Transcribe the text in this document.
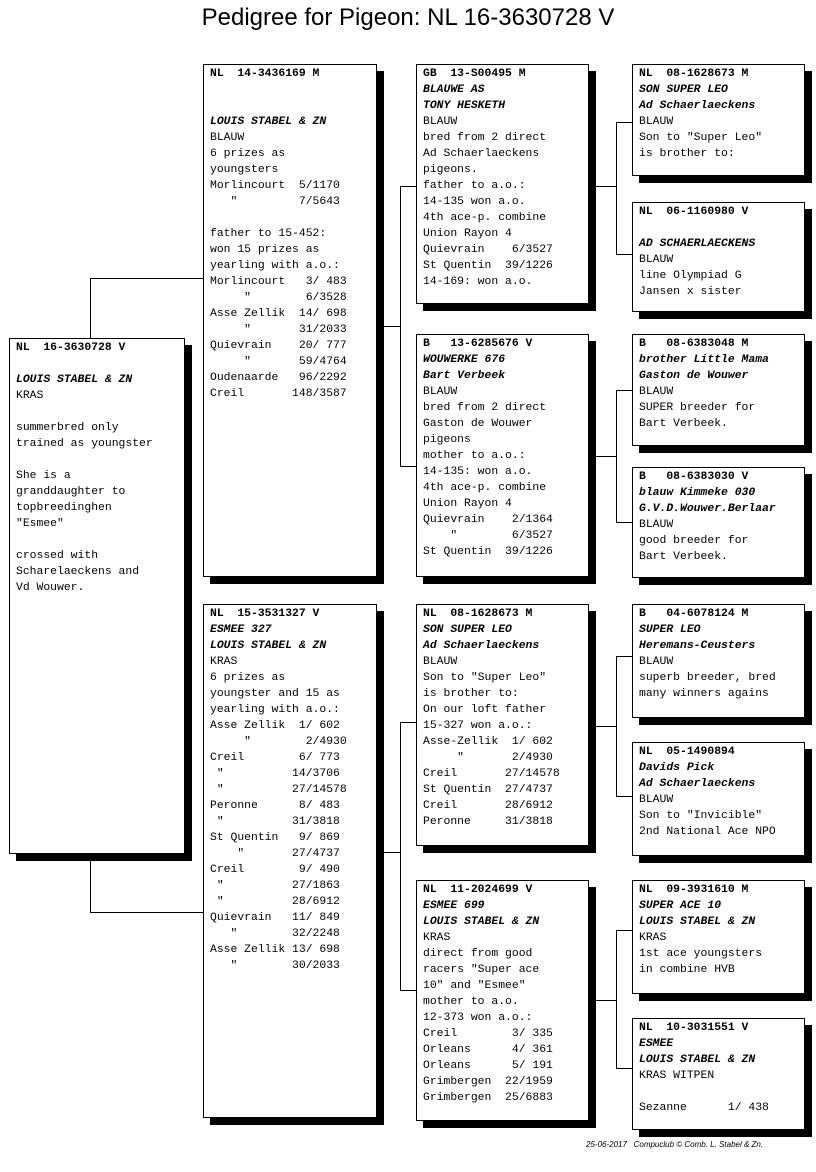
Pedigree for Pigeon: NL 16-3630728 V
NL  16-3630728 V
LOUIS STABEL & ZN
KRAS
summerbred only
trained as youngster
She is a
granddaughter to
topbreedinghen
"Esmee"
crossed with
Scharelaeckens and
Vd Wouwer.
NL  14-3436169 M
LOUIS STABEL & ZN
BLAUW
6 prizes as
youngsters
Morlincourt  5/1170
"         7/5643
father to 15-452:
won 15 prizes as
yearling with a.o.:
Morlincourt   3/ 483
"        6/3528
Asse Zellik  14/ 698
"       31/2033
Quievrain    20/ 777
"       59/4764
Oudenaarde   96/2292
Creil       148/3587
NL  15-3531327 V
ESMEE 327
LOUIS STABEL & ZN
KRAS
6 prizes as
youngster and 15 as
yearling with a.o.:
Asse Zellik  1/ 602
"        2/4930
Creil        6/ 773
"          14/3706
"          27/14578
Peronne      8/ 483
"          31/3818
St Quentin   9/ 869
"       27/4737
Creil        9/ 490
"          27/1863
"          28/6912
Quievrain   11/ 849
"        32/2248
Asse Zellik 13/ 698
"        30/2033
GB  13-S00495 M
BLAUWE AS
TONY HESKETH
BLAUW
bred from 2 direct
Ad Schaerlaeckens
pigeons.
father to a.o.:
14-135 won a.o.
4th ace-p. combine
Union Rayon 4
Quievrain    6/3527
St Quentin  39/1226
14-169: won a.o.
B   13-6285676 V
WOUWERKE 676
Bart Verbeek
BLAUW
bred from 2 direct
Gaston de Wouwer
pigeons
mother to a.o.:
14-135: won a.o.
4th ace-p. combine
Union Rayon 4
Quievrain    2/1364
"        6/3527
St Quentin  39/1226
NL  08-1628673 M
SON SUPER LEO
Ad Schaerlaeckens
BLAUW
Son to "Super Leo"
is brother to:
On our loft father
15-327 won a.o.:
Asse-Zellik  1/ 602
"       2/4930
Creil       27/14578
St Quentin  27/4737
Creil       28/6912
Peronne     31/3818
NL  11-2024699 V
ESMEE 699
LOUIS STABEL & ZN
KRAS
direct from good
racers "Super ace
10" and "Esmee"
mother to a.o.
12-373 won a.o.:
Creil        3/ 335
Orleans      4/ 361
Orleans      5/ 191
Grimbergen  22/1959
Grimbergen  25/6883
NL  08-1628673 M
SON SUPER LEO
Ad Schaerlaeckens
BLAUW
Son to "Super Leo"
is brother to:
NL  06-1160980 V
AD SCHAERLAECKENS
BLAUW
line Olympiad G
Jansen x sister
B   08-6383048 M
brother Little Mama
Gaston de Wouwer
BLAUW
SUPER breeder for
Bart Verbeek.
B   08-6383030 V
blauw Kimmeke 030
G.V.D.Wouwer.Berlaar
BLAUW
good breeder for
Bart Verbeek.
B   04-6078124 M
SUPER LEO
Heremans-Ceusters
BLAUW
superb breeder, bred
many winners agains
NL  05-1490894
Davids Pick
Ad Schaerlaeckens
BLAUW
Son to "Invicible"
2nd National Ace NPO
NL  09-3931610 M
SUPER ACE 10
LOUIS STABEL & ZN
KRAS
1st ace youngsters
in combine HVB
NL  10-3031551 V
ESMEE
LOUIS STABEL & ZN
KRAS WITPEN
Sezanne      1/ 438
25-06-2017   Compuclub © Comb. L. Stabel & Zn.
